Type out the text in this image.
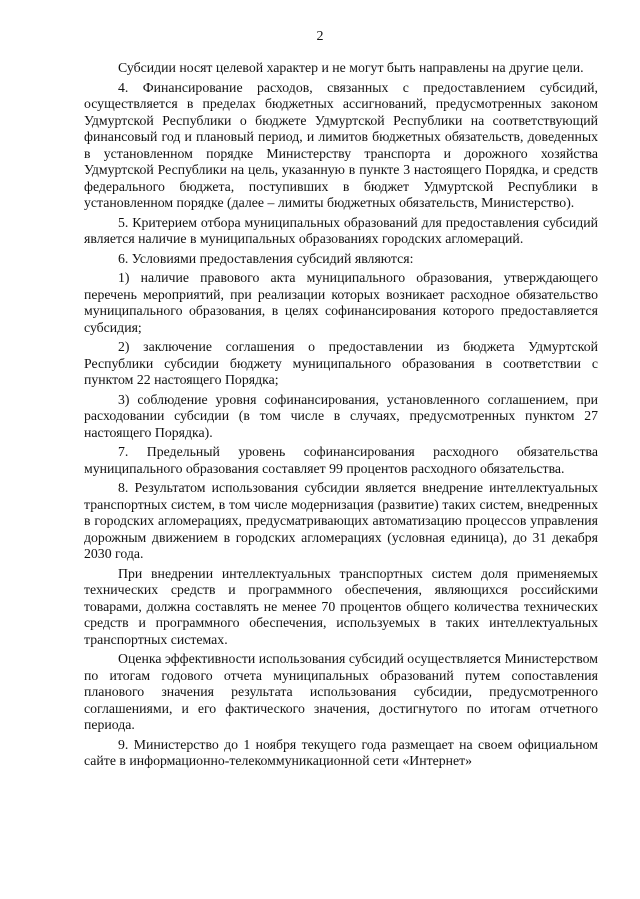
2

Субсидии носят целевой характер и не могут быть направлены на другие цели.

4. Финансирование расходов, связанных с предоставлением субсидий, осуществляется в пределах бюджетных ассигнований, предусмотренных законом Удмуртской Республики о бюджете Удмуртской Республики на соответствующий финансовый год и плановый период, и лимитов бюджетных обязательств, доведенных в установленном порядке Министерству транспорта и дорожного хозяйства Удмуртской Республики на цель, указанную в пункте 3 настоящего Порядка, и средств федерального бюджета, поступивших в бюджет Удмуртской Республики в установленном порядке (далее – лимиты бюджетных обязательств, Министерство).

5. Критерием отбора муниципальных образований для предоставления субсидий является наличие в муниципальных образованиях городских агломераций.

6. Условиями предоставления субсидий являются:

1) наличие правового акта муниципального образования, утверждающего перечень мероприятий, при реализации которых возникает расходное обязательство муниципального образования, в целях софинансирования которого предоставляется субсидия;

2) заключение соглашения о предоставлении из бюджета Удмуртской Республики субсидии бюджету муниципального образования в соответствии с пунктом 22 настоящего Порядка;

3) соблюдение уровня софинансирования, установленного соглашением, при расходовании субсидии (в том числе в случаях, предусмотренных пунктом 27 настоящего Порядка).

7. Предельный уровень софинансирования расходного обязательства муниципального образования составляет 99 процентов расходного обязательства.

8. Результатом использования субсидии является внедрение интеллектуальных транспортных систем, в том числе модернизация (развитие) таких систем, внедренных в городских агломерациях, предусматривающих автоматизацию процессов управления дорожным движением в городских агломерациях (условная единица), до 31 декабря 2030 года.

При внедрении интеллектуальных транспортных систем доля применяемых технических средств и программного обеспечения, являющихся российскими товарами, должна составлять не менее 70 процентов общего количества технических средств и программного обеспечения, используемых в таких интеллектуальных транспортных системах.

Оценка эффективности использования субсидий осуществляется Министерством по итогам годового отчета муниципальных образований путем сопоставления планового значения результата использования субсидии, предусмотренного соглашениями, и его фактического значения, достигнутого по итогам отчетного периода.

9. Министерство до 1 ноября текущего года размещает на своем официальном сайте в информационно-телекоммуникационной сети «Интернет»
